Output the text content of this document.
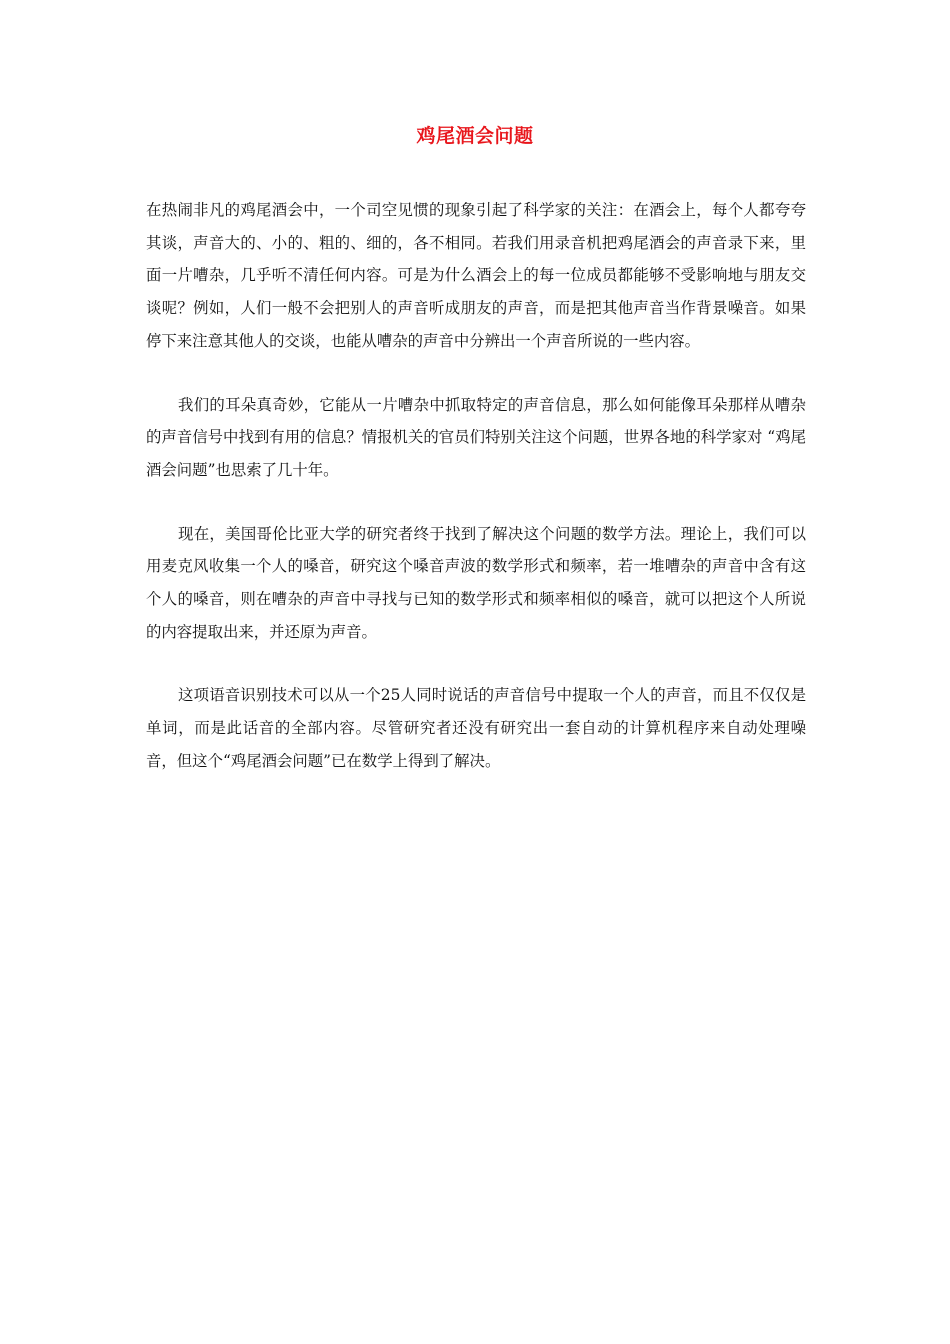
鸡尾酒会问题

在热闹非凡的鸡尾酒会中，一个司空见惯的现象引起了科学家的关注：在酒会上，每个人都夸夸其谈，声音大的、小的、粗的、细的，各不相同。若我们用录音机把鸡尾酒会的声音录下来，里面一片嘈杂，几乎听不清任何内容。可是为什么酒会上的每一位成员都能够不受影响地与朋友交谈呢？例如，人们一般不会把别人的声音听成朋友的声音，而是把其他声音当作背景噪音。如果停下来注意其他人的交谈，也能从嘈杂的声音中分辨出一个声音所说的一些内容。

我们的耳朵真奇妙，它能从一片嘈杂中抓取特定的声音信息，那么如何能像耳朵那样从嘈杂的声音信号中找到有用的信息？情报机关的官员们特别关注这个问题，世界各地的科学家对 “鸡尾酒会问题”也思索了几十年。

现在，美国哥伦比亚大学的研究者终于找到了解决这个问题的数学方法。理论上，我们可以用麦克风收集一个人的嗓音，研究这个嗓音声波的数学形式和频率，若一堆嘈杂的声音中含有这个人的嗓音，则在嘈杂的声音中寻找与已知的数学形式和频率相似的嗓音，就可以把这个人所说的内容提取出来，并还原为声音。

这项语音识别技术可以从一个25人同时说话的声音信号中提取一个人的声音，而且不仅仅是单词，而是此话音的全部内容。尽管研究者还没有研究出一套自动的计算机程序来自动处理噪音，但这个“鸡尾酒会问题”已在数学上得到了解决。
